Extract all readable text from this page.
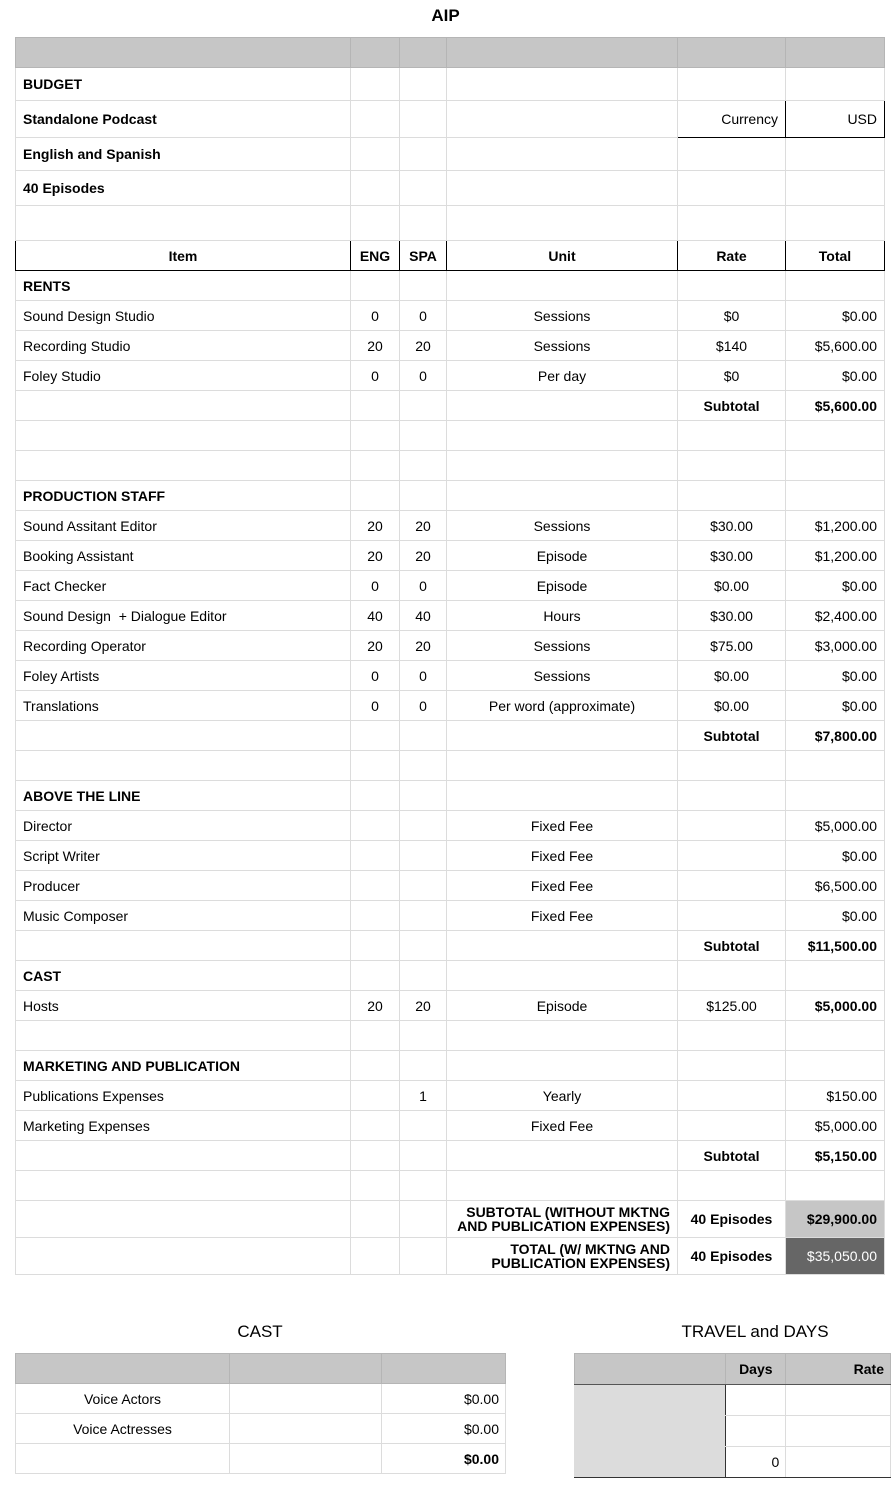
AIP

BUDGET					
Standalone Podcast				Currency	USD
English and Spanish					
40 Episodes					

Item	ENG	SPA	Unit	Rate	Total
RENTS					
Sound Design Studio	0	0	Sessions	$0	$0.00
Recording Studio	20	20	Sessions	$140	$5,600.00
Foley Studio	0	0	Per day	$0	$0.00
				Subtotal	$5,600.00

PRODUCTION STAFF					
Sound Assitant Editor	20	20	Sessions	$30.00	$1,200.00
Booking Assistant	20	20	Episode	$30.00	$1,200.00
Fact Checker	0	0	Episode	$0.00	$0.00
Sound Design  + Dialogue Editor	40	40	Hours	$30.00	$2,400.00
Recording Operator	20	20	Sessions	$75.00	$3,000.00
Foley Artists	0	0	Sessions	$0.00	$0.00
Translations	0	0	Per word (approximate)	$0.00	$0.00
				Subtotal	$7,800.00

ABOVE THE LINE					
Director			Fixed Fee		$5,000.00
Script Writer			Fixed Fee		$0.00
Producer			Fixed Fee		$6,500.00
Music Composer			Fixed Fee		$0.00
				Subtotal	$11,500.00
CAST					
Hosts	20	20	Episode	$125.00	$5,000.00

MARKETING AND PUBLICATION					
Publications Expenses		1	Yearly		$150.00
Marketing Expenses			Fixed Fee		$5,000.00
				Subtotal	$5,150.00

			SUBTOTAL (WITHOUT MKTNG AND PUBLICATION EXPENSES)	40 Episodes	$29,900.00
			TOTAL (W/ MKTNG AND PUBLICATION EXPENSES)	40 Episodes	$35,050.00
CAST	TRAVEL and DAYS

Voice Actors		$0.00
Voice Actresses		$0.00
		$0.00
	Days	Rate

	0	
